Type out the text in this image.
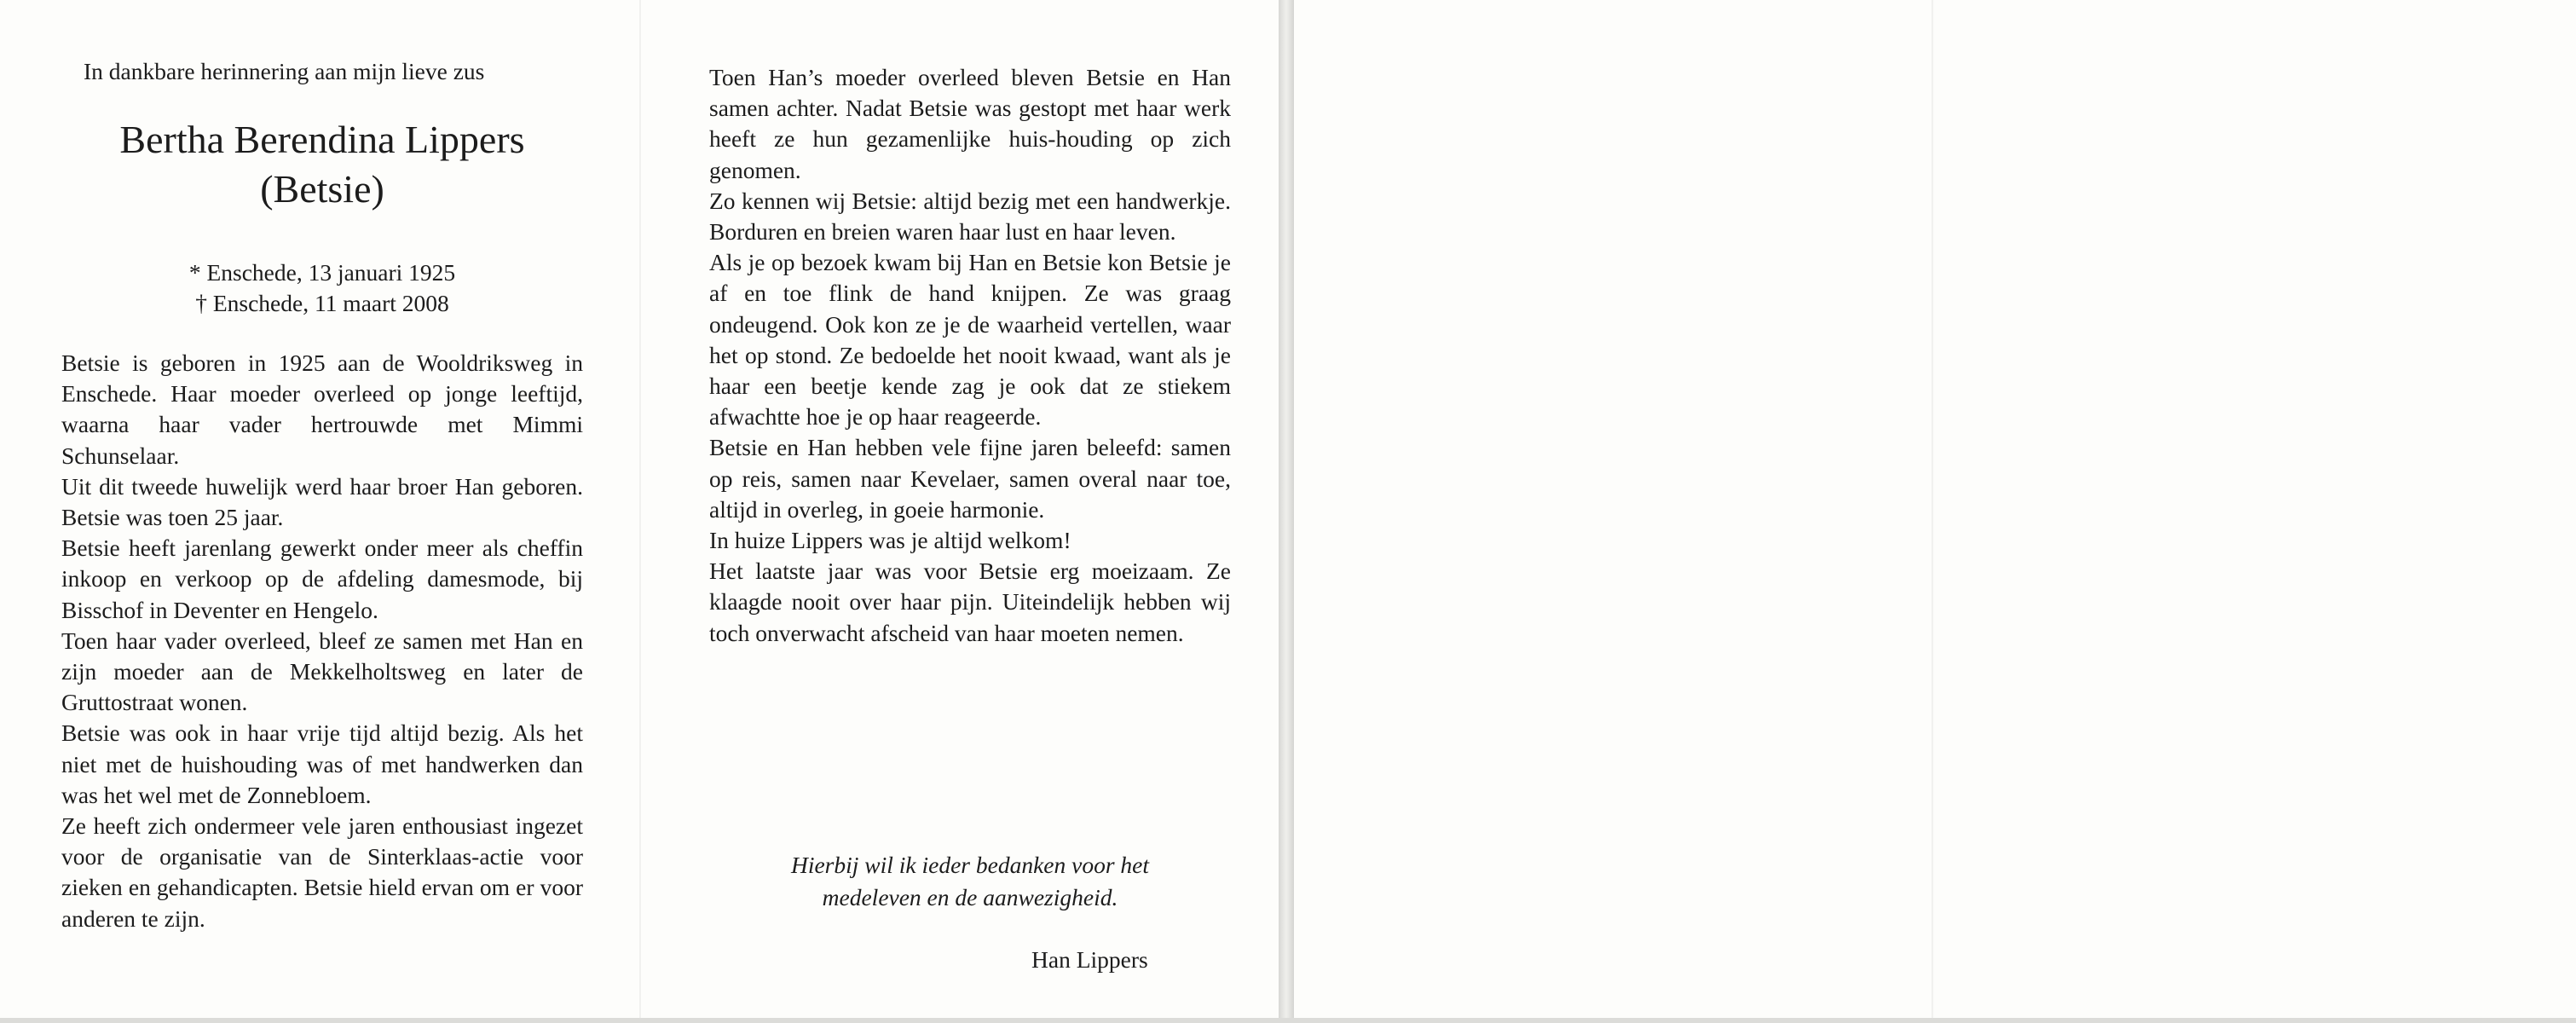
In dankbare herinnering aan mijn lieve zus
Bertha Berendina Lippers
(Betsie)
* Enschede, 13 januari 1925
† Enschede, 11 maart 2008

Betsie is geboren in 1925 aan de Wooldriksweg in Enschede. Haar moeder overleed op jonge leeftijd, waarna haar vader hertrouwde met Mimmi Schunselaar.

Uit dit tweede huwelijk werd haar broer Han geboren. Betsie was toen 25 jaar.

Betsie heeft jarenlang gewerkt onder meer als cheffin inkoop en verkoop op de afdeling damesmode, bij Bisschof in Deventer en Hengelo.

Toen haar vader overleed, bleef ze samen met Han en zijn moeder aan de Mekkelholtsweg en later de Gruttostraat wonen.

Betsie was ook in haar vrije tijd altijd bezig. Als het niet met de huishouding was of met handwerken dan was het wel met de Zonnebloem.

Ze heeft zich ondermeer vele jaren enthousiast ingezet voor de organisatie van de Sinterklaas-actie voor zieken en gehandicapten. Betsie hield ervan om er voor anderen te zijn.

Toen Han’s moeder overleed bleven Betsie en Han samen achter. Nadat Betsie was gestopt met haar werk heeft ze hun gezamenlijke huis-houding op zich genomen.

Zo kennen wij Betsie: altijd bezig met een handwerkje. Borduren en breien waren haar lust en haar leven.

Als je op bezoek kwam bij Han en Betsie kon Betsie je af en toe flink de hand knijpen. Ze was graag ondeugend. Ook kon ze je de waarheid vertellen, waar het op stond. Ze bedoelde het nooit kwaad, want als je haar een beetje kende zag je ook dat ze stiekem afwachtte hoe je op haar reageerde.

Betsie en Han hebben vele fijne jaren beleefd: samen op reis, samen naar Kevelaer, samen overal naar toe, altijd in overleg, in goeie harmonie.

In huize Lippers was je altijd welkom!

Het laatste jaar was voor Betsie erg moeizaam. Ze klaagde nooit over haar pijn. Uiteindelijk hebben wij toch onverwacht afscheid van haar moeten nemen.

Hierbij wil ik ieder bedanken voor het
medeleven en de aanwezigheid.
Han Lippers
